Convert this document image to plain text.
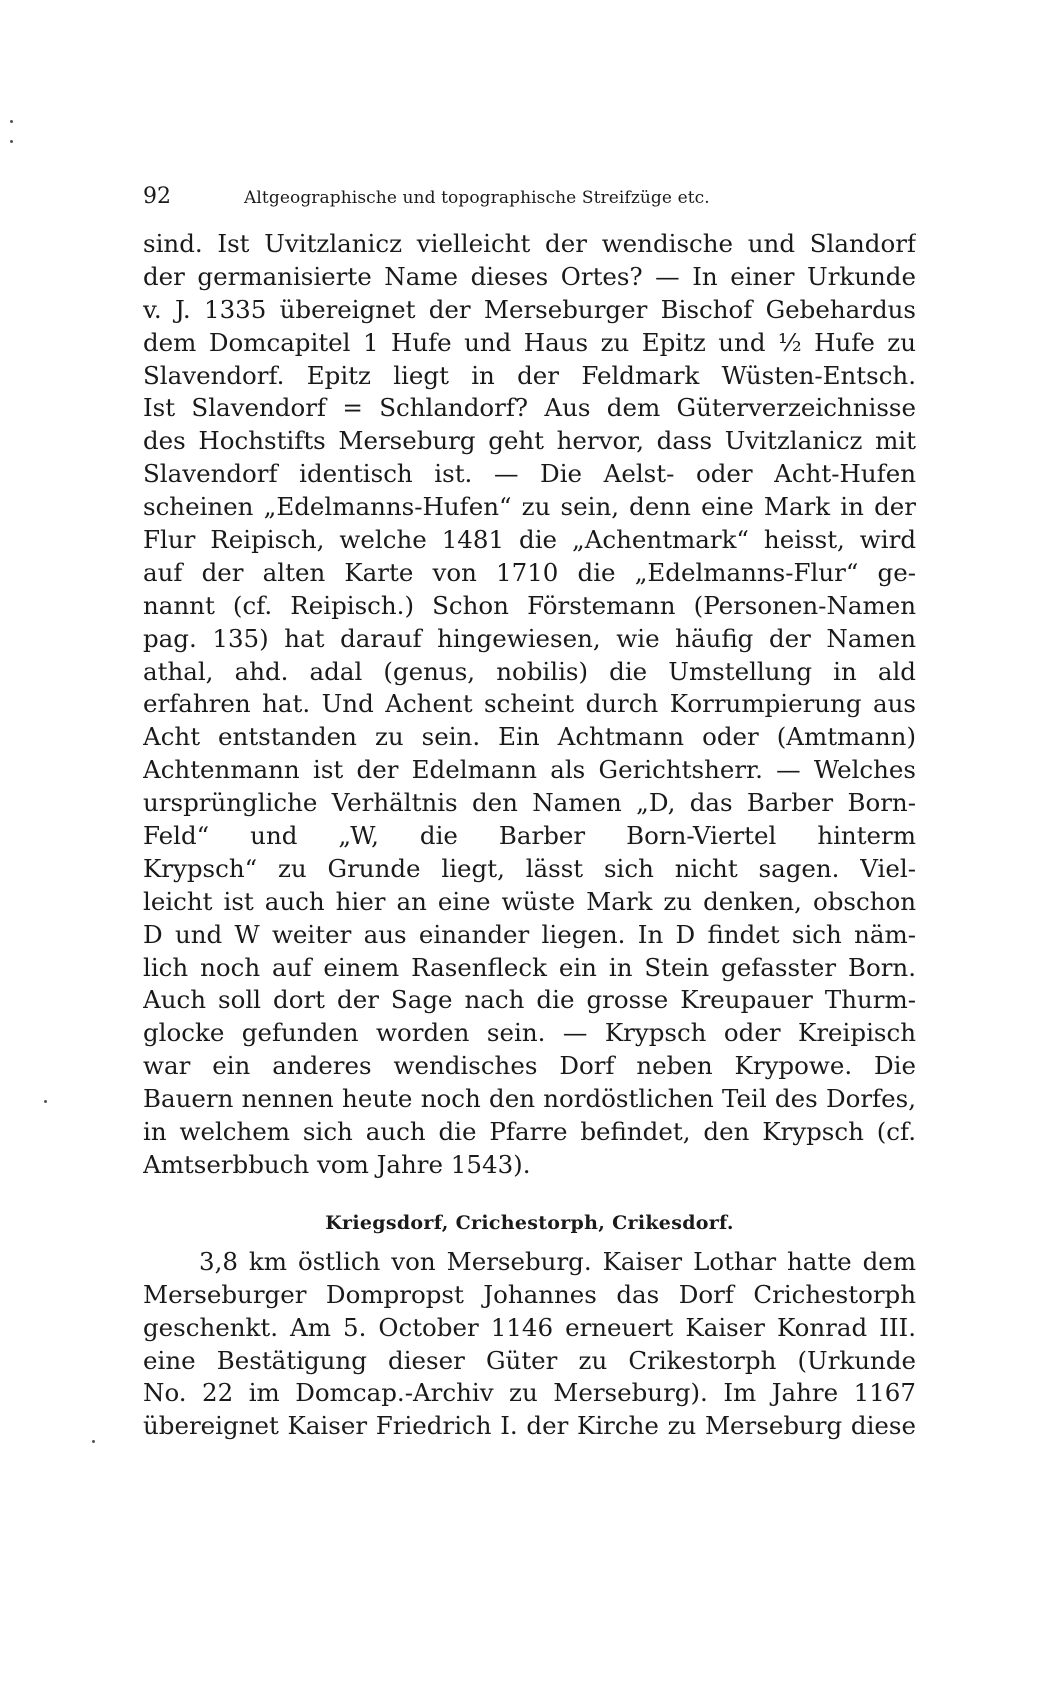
92	Altgeographische und topographische Streifzüge etc.
sind. Ist Uvitzlanicz vielleicht der wendische und Slandorf
der germanisierte Name dieses Ortes? — In einer Urkunde
v. J. 1335 übereignet der Merseburger Bischof Gebehardus
dem Domcapitel 1 Hufe und Haus zu Epitz und ½ Hufe zu
Slavendorf. Epitz liegt in der Feldmark Wüsten-Entsch.
Ist Slavendorf = Schlandorf? Aus dem Güterverzeichnisse
des Hochstifts Merseburg geht hervor, dass Uvitzlanicz mit
Slavendorf identisch ist. — Die Aelst- oder Acht-Hufen
scheinen „Edelmanns-Hufen“ zu sein, denn eine Mark in der
Flur Reipisch, welche 1481 die „Achentmark“ heisst, wird
auf der alten Karte von 1710 die „Edelmanns-Flur“ ge-
nannt (cf. Reipisch.) Schon Förstemann (Personen-Namen
pag. 135) hat darauf hingewiesen, wie häufig der Namen
athal, ahd. adal (genus, nobilis) die Umstellung in ald
erfahren hat. Und Achent scheint durch Korrumpierung aus
Acht entstanden zu sein. Ein Achtmann oder (Amtmann)
Achtenmann ist der Edelmann als Gerichtsherr. — Welches
ursprüngliche Verhältnis den Namen „D, das Barber Born-
Feld“ und „W, die Barber Born-Viertel hinterm
Krypsch“ zu Grunde liegt, lässt sich nicht sagen. Viel-
leicht ist auch hier an eine wüste Mark zu denken, obschon
D und W weiter aus einander liegen. In D findet sich näm-
lich noch auf einem Rasenfleck ein in Stein gefasster Born.
Auch soll dort der Sage nach die grosse Kreupauer Thurm-
glocke gefunden worden sein. — Krypsch oder Kreipisch
war ein anderes wendisches Dorf neben Krypowe. Die
Bauern nennen heute noch den nordöstlichen Teil des Dorfes,
in welchem sich auch die Pfarre befindet, den Krypsch (cf.
Amtserbbuch vom Jahre 1543).
Kriegsdorf, Crichestorph, Crikesdorf.
3,8 km östlich von Merseburg. Kaiser Lothar hatte dem
Merseburger Dompropst Johannes das Dorf Crichestorph
geschenkt. Am 5. October 1146 erneuert Kaiser Konrad III.
eine Bestätigung dieser Güter zu Crikestorph (Urkunde
No. 22 im Domcap.-Archiv zu Merseburg). Im Jahre 1167
übereignet Kaiser Friedrich I. der Kirche zu Merseburg diese
